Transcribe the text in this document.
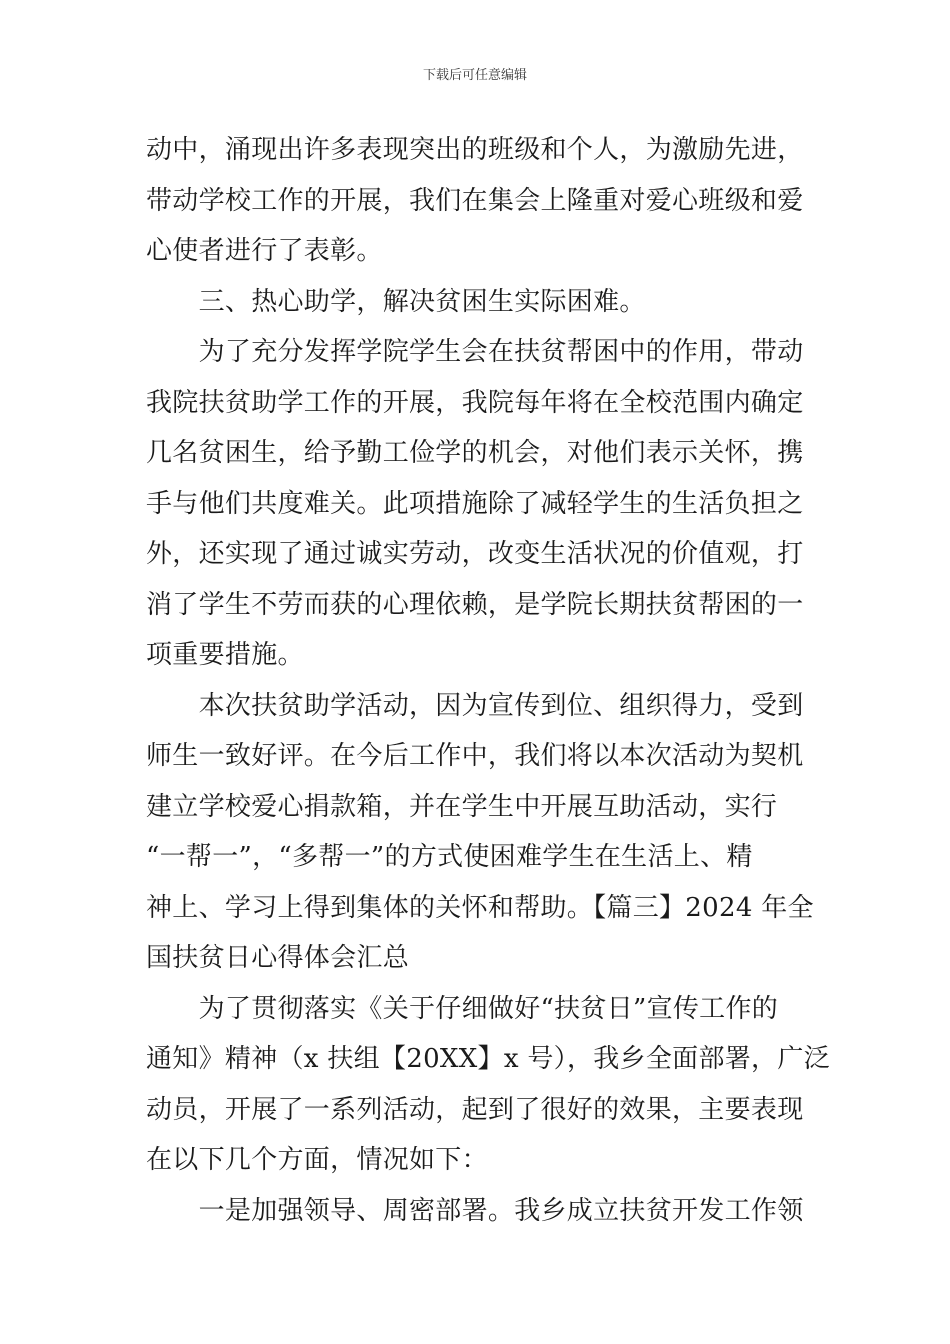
下载后可任意编辑
动中，涌现出许多表现突出的班级和个人，为激励先进，
带动学校工作的开展，我们在集会上隆重对爱心班级和爱
心使者进行了表彰。
　　三、热心助学，解决贫困生实际困难。
　　为了充分发挥学院学生会在扶贫帮困中的作用，带动
我院扶贫助学工作的开展，我院每年将在全校范围内确定
几名贫困生，给予勤工俭学的机会，对他们表示关怀，携
手与他们共度难关。此项措施除了减轻学生的生活负担之
外，还实现了通过诚实劳动，改变生活状况的价值观，打
消了学生不劳而获的心理依赖，是学院长期扶贫帮困的一
项重要措施。
　　本次扶贫助学活动，因为宣传到位、组织得力，受到
师生一致好评。在今后工作中，我们将以本次活动为契机
建立学校爱心捐款箱，并在学生中开展互助活动，实行
“一帮一”，“多帮一”的方式使困难学生在生活上、精
神上、学习上得到集体的关怀和帮助。【篇三】2024 年全
国扶贫日心得体会汇总
　　为了贯彻落实《关于仔细做好“扶贫日”宣传工作的
通知》精神（x 扶组【20XX】x 号），我乡全面部署，广泛
动员，开展了一系列活动，起到了很好的效果，主要表现
在以下几个方面，情况如下：
　　一是加强领导、周密部署。我乡成立扶贫开发工作领
